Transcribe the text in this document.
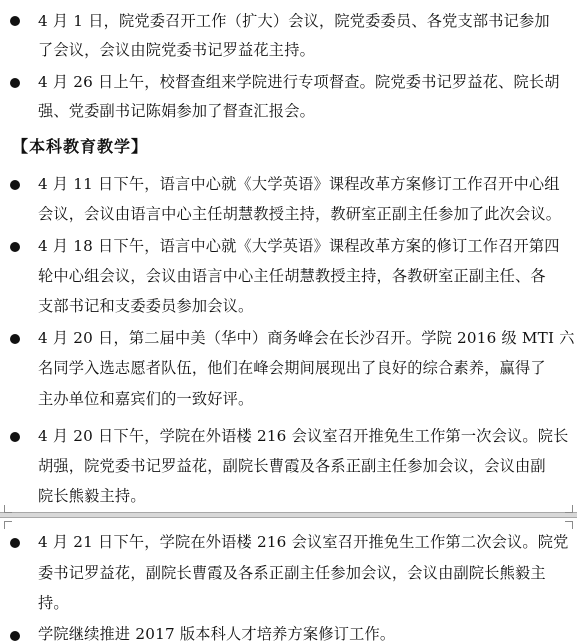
4 月 1 日，院党委召开工作（扩大）会议，院党委委员、各党支部书记参加
了会议，会议由院党委书记罗益花主持。
4 月 26 日上午，校督查组来学院进行专项督查。院党委书记罗益花、院长胡
强、党委副书记陈娟参加了督查汇报会。
【本科教育教学】
4 月 11 日下午，语言中心就《大学英语》课程改革方案修订工作召开中心组
会议，会议由语言中心主任胡慧教授主持，教研室正副主任参加了此次会议。
4 月 18 日下午，语言中心就《大学英语》课程改革方案的修订工作召开第四
轮中心组会议，会议由语言中心主任胡慧教授主持，各教研室正副主任、各
支部书记和支委委员参加会议。
4 月 20 日，第二届中美（华中）商务峰会在长沙召开。学院 2016 级 MTI 六
名同学入选志愿者队伍，他们在峰会期间展现出了良好的综合素养，赢得了
主办单位和嘉宾们的一致好评。
4 月 20 日下午，学院在外语楼 216 会议室召开推免生工作第一次会议。院长
胡强，院党委书记罗益花，副院长曹霞及各系正副主任参加会议，会议由副
院长熊毅主持。
4 月 21 日下午，学院在外语楼 216 会议室召开推免生工作第二次会议。院党
委书记罗益花，副院长曹霞及各系正副主任参加会议，会议由副院长熊毅主
持。
学院继续推进 2017 版本科人才培养方案修订工作。
